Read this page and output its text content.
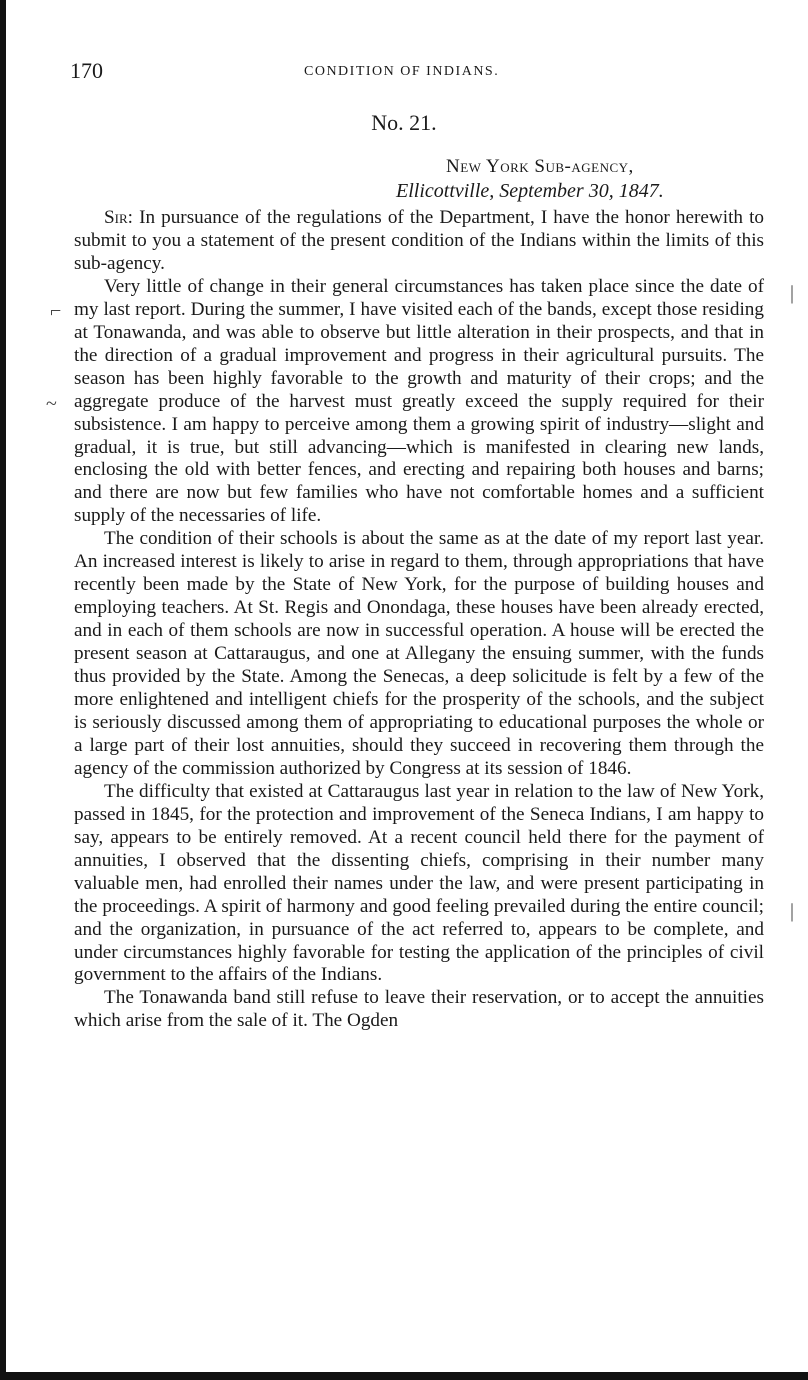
170	CONDITION OF INDIANS.
No. 21.
New York Sub-agency,
Ellicottville, September 30, 1847.

Sir: In pursuance of the regulations of the Department, I have the honor herewith to submit to you a statement of the present condition of the Indians within the limits of this sub-agency.

Very little of change in their general circumstances has taken place since the date of my last report. During the summer, I have visited each of the bands, except those residing at Tonawanda, and was able to observe but little alteration in their prospects, and that in the direction of a gradual improvement and progress in their agricultural pursuits. The season has been highly favorable to the growth and maturity of their crops; and the aggregate produce of the harvest must greatly exceed the supply required for their subsistence. I am happy to perceive among them a growing spirit of industry—slight and gradual, it is true, but still advancing—which is manifested in clearing new lands, enclosing the old with better fences, and erecting and repairing both houses and barns; and there are now but few families who have not comfortable homes and a sufficient supply of the necessaries of life.

The condition of their schools is about the same as at the date of my report last year. An increased interest is likely to arise in regard to them, through appropriations that have recently been made by the State of New York, for the purpose of building houses and employing teachers. At St. Regis and Onondaga, these houses have been already erected, and in each of them schools are now in successful operation. A house will be erected the present season at Cattaraugus, and one at Allegany the ensuing summer, with the funds thus provided by the State. Among the Senecas, a deep solicitude is felt by a few of the more enlightened and intelligent chiefs for the prosperity of the schools, and the subject is seriously discussed among them of appropriating to educational purposes the whole or a large part of their lost annuities, should they succeed in recovering them through the agency of the commission authorized by Congress at its session of 1846.

The difficulty that existed at Cattaraugus last year in relation to the law of New York, passed in 1845, for the protection and improvement of the Seneca Indians, I am happy to say, appears to be entirely removed. At a recent council held there for the payment of annuities, I observed that the dissenting chiefs, comprising in their number many valuable men, had enrolled their names under the law, and were present participating in the proceedings. A spirit of harmony and good feeling prevailed during the entire council; and the organization, in pursuance of the act referred to, appears to be complete, and under circumstances highly favorable for testing the application of the principles of civil government to the affairs of the Indians.

The Tonawanda band still refuse to leave their reservation, or to accept the annuities which arise from the sale of it. The Ogden

|
|
⌐
~
